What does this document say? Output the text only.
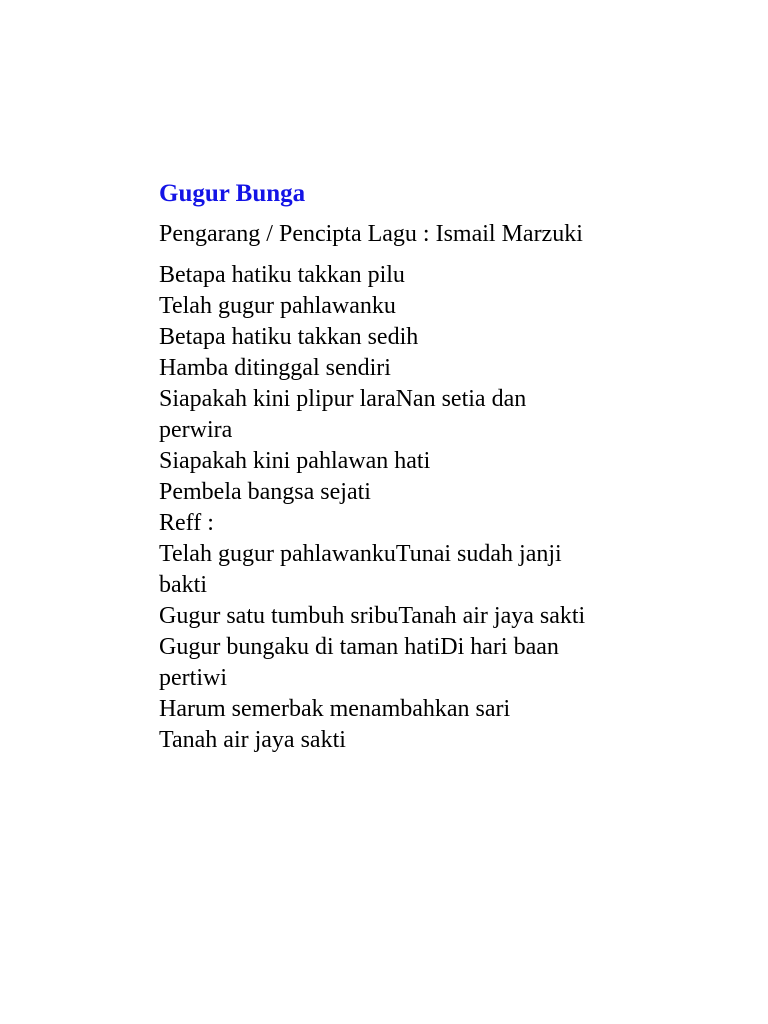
Gugur Bunga
Pengarang / Pencipta Lagu : Ismail Marzuki
Betapa hatiku takkan pilu
Telah gugur pahlawanku
Betapa hatiku takkan sedih
Hamba ditinggal sendiri
Siapakah kini plipur laraNan setia dan perwira
Siapakah kini pahlawan hati
Pembela bangsa sejati
Reff :
Telah gugur pahlawankuTunai sudah janji bakti
Gugur satu tumbuh sribuTanah air jaya sakti
Gugur bungaku di taman hatiDi hari baan pertiwi
Harum semerbak menambahkan sari
Tanah air jaya sakti
